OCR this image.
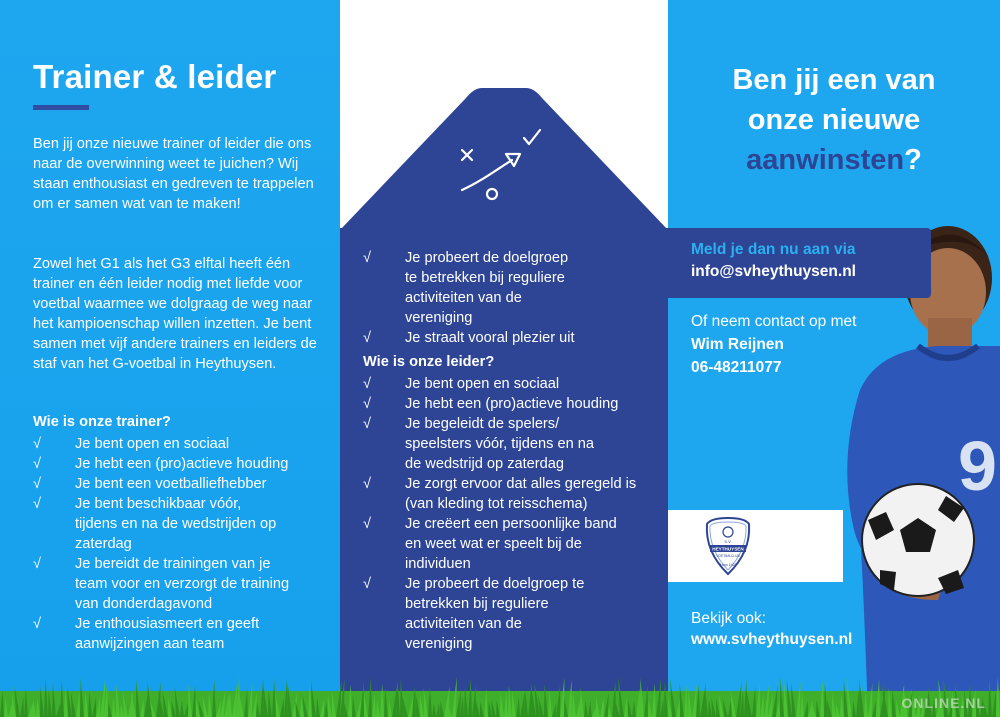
Trainer & leider

Ben jij onze nieuwe trainer of leider die ons naar de overwinning weet te juichen? Wij staan enthousiast en gedreven te trappelen om er samen wat van te maken!

Zowel het G1 als het G3 elftal heeft één trainer en één leider nodig met liefde voor voetbal waarmee we dolgraag de weg naar het kampioenschap willen inzetten. Je bent samen met vijf andere trainers en leiders de staf van het G-voetbal in Heythuysen.

Wie is onze trainer?
√ Je bent open en sociaal
√ Je hebt een (pro)actieve houding
√ Je bent een voetballiefhebber
√ Je bent beschikbaar vóór, tijdens en na de wedstrijden op zaterdag
√ Je bereidt de trainingen van je team voor en verzorgt de training van donderdagavond
√ Je enthousiasmeert en geeft aanwijzingen aan team
√ Je probeert de doelgroep te betrekken bij reguliere activiteiten van de vereniging
√ Je straalt vooral plezier uit
Wie is onze leider?
√ Je bent open en sociaal
√ Je hebt een (pro)actieve houding
√ Je begeleidt de spelers/ speelsters vóór, tijdens en na de wedstrijd op zaterdag
√ Je zorgt ervoor dat alles geregeld is (van kleding tot reisschema)
√ Je creëert een persoonlijke band en weet wat er speelt bij de individuen
√ Je probeert de doelgroep te betrekken bij reguliere activiteiten van de vereniging
Ben jij een van
onze nieuwe
aanwinsten?
9
Meld je dan nu aan via
info@svheythuysen.nl
Of neem contact op met
Wim Reijnen
06-48211077
S.V.
HEYTHUYSEN
VOETBALCLUB
Anno 1922
Bekijk ook:
www.svheythuysen.nl
ONLINE.NL
